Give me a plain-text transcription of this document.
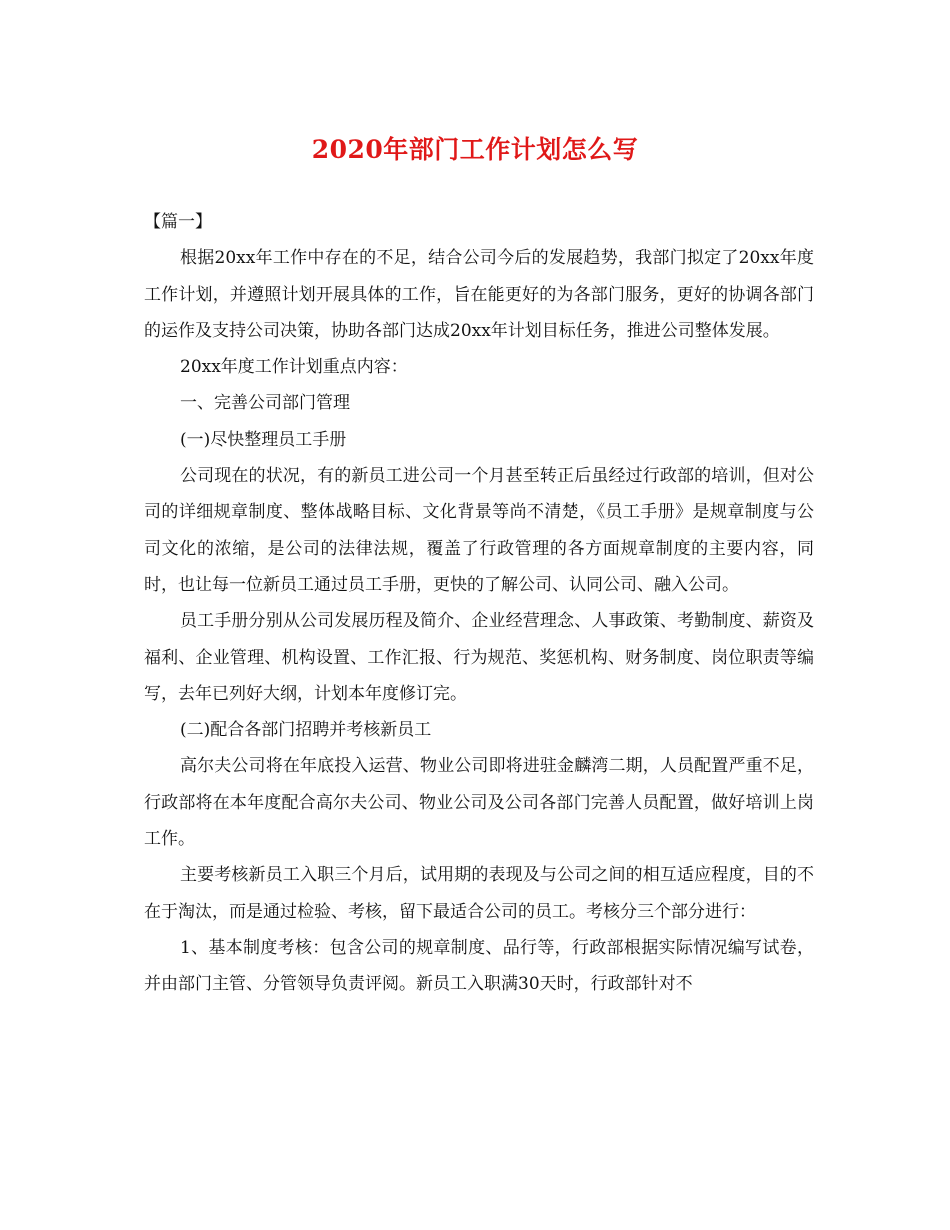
2020年部门工作计划怎么写

【篇一】

根据20xx年工作中存在的不足，结合公司今后的发展趋势，我部门拟定了20xx年度工作计划，并遵照计划开展具体的工作，旨在能更好的为各部门服务，更好的协调各部门的运作及支持公司决策，协助各部门达成20xx年计划目标任务，推进公司整体发展。

20xx年度工作计划重点内容：

一、完善公司部门管理

(一)尽快整理员工手册

公司现在的状况，有的新员工进公司一个月甚至转正后虽经过行政部的培训，但对公司的详细规章制度、整体战略目标、文化背景等尚不清楚，《员工手册》是规章制度与公司文化的浓缩，是公司的法律法规，覆盖了行政管理的各方面规章制度的主要内容，同时，也让每一位新员工通过员工手册，更快的了解公司、认同公司、融入公司。

员工手册分别从公司发展历程及简介、企业经营理念、人事政策、考勤制度、薪资及福利、企业管理、机构设置、工作汇报、行为规范、奖惩机构、财务制度、岗位职责等编写，去年已列好大纲，计划本年度修订完。

(二)配合各部门招聘并考核新员工

高尔夫公司将在年底投入运营、物业公司即将进驻金麟湾二期，人员配置严重不足，行政部将在本年度配合高尔夫公司、物业公司及公司各部门完善人员配置，做好培训上岗工作。

主要考核新员工入职三个月后，试用期的表现及与公司之间的相互适应程度，目的不在于淘汰，而是通过检验、考核，留下最适合公司的员工。考核分三个部分进行：

1、基本制度考核：包含公司的规章制度、品行等，行政部根据实际情况编写试卷，并由部门主管、分管领导负责评阅。新员工入职满30天时，行政部针对不
